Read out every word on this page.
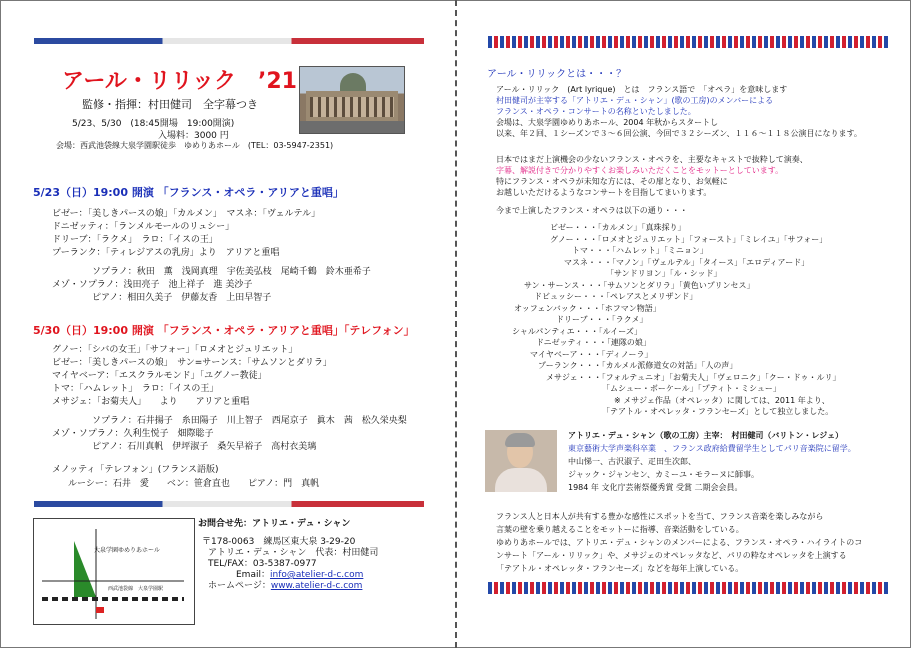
アール・リリック　’21
監修・指揮：村田健司　全字幕つき
5/23、5/30　(18:45開場　19:00開演)
入場料：3000 円
会場：西武池袋線大泉学園駅徒歩　ゆめりあホール　(TEL：03-5947-2351)
5/23（日）19:00 開演 「フランス・オペラ・アリアと重唱」
ビゼー：「美しきパースの娘」「カルメン」　マスネ：「ヴェルテル」
ドニゼッティ：「ランメルモールのリュシー」
ドリーブ：「ラクメ」　ラロ：「イスの王」
プーランク：「ティレジアスの乳房」より　アリアと重唱
ソプラノ：秋田　薫　浅岡真理　宇佐美弘枝　尾崎千鶴　鈴木亜希子
メゾ・ソプラノ：浅田亮子　池上祥子　進 美沙子
ピアノ：相田久美子　伊藤友香　上田早智子
5/30（日）19:00 開演 「フランス・オペラ・アリアと重唱」「テレフォン」
グノー：「シバの女王」「サフォー」「ロメオとジュリエット」
ビゼー：「美しきパースの娘」　サン=サーンス：「サムソンとダリラ」
マイヤベーア：「エスクラルモンド」「ユグノー教徒」
トマ：「ハムレット」　ラロ：「イスの王」
メサジェ：「お菊夫人」　　より　　アリアと重唱
ソプラノ：石井揚子　糸田陽子　川上智子　西尾京子　眞木　茜　松久栄央梨
メゾ・ソプラノ：久利生悦子　畑際聡子
ピアノ：石川真帆　伊坪淑子　桑矢早裕子　高村衣美璃
メノッティ「テレフォン」(フランス語版)
ルーシー：石井　愛　　ベン：笹倉直也　　ピアノ：門　真帆
大泉学園ゆめりあホール
西武池袋線　大泉学園駅
お問合せ先：アトリエ・デュ・シャン
〒178-0063　練馬区東大泉 3-29-20
アトリエ・デュ・シャン　代表：村田健司
TEL/FAX：03-5387-0977
Email：info@atelier-d-c.com
ホームページ：www.atelier-d-c.com
アール・リリックとは・・・？
アール・リリック　(Art lyrique)　とは　フランス語で　「オペラ」を意味します
村田健司が主宰する「アトリエ・デュ・シャン」(歌の工房)のメンバーによる
フランス・オペラ・コンサートの名称といたしました。
会場は、大泉学園ゆめりあホール、2004 年秋からスタートし
以来、年２回、１シーズンで３～６回公演、今回で３２シーズン、１１６～１１８公演目になります。
日本ではまだ上演機会の少ないフランス・オペラを、主要なキャストで抜粋して演奏、
字幕、解説付きで分かりやすくお楽しみいただくことをモットーとしています。
特にフランス・オペラが未知な方には、その扉となり、お気軽に
お越しいただけるようなコンサートを目指してまいります。
今まで上演したフランス・オペラは以下の通り・・・
ビゼー・・・「カルメン」「真珠採り」
グノー・・・「ロメオとジュリエット」「フォースト」「ミレイユ」「サフォー」
トマ・・・「ハムレット」「ミニョン」
マスネ・・・「マノン」「ヴェルテル」「タイース」「エロディアード」
「サンドリヨン」「ル・シッド」
サン・サーンス・・・「サムソンとダリラ」「黄色いプリンセス」
ドビュッシー・・・「ペレアスとメリザンド」
オッフェンバック・・・「ホフマン物語」
ドリーブ・・・「ラクメ」
シャルパンティエ・・・「ルイーズ」
ドニゼッティ・・・「連隊の娘」
マイヤベーア・・・「ディノーラ」
プーランク・・・「カルメル派修道女の対話」「人の声」
メサジェ・・・「フォルテュニオ」「お菊夫人」「ヴェロニク」「クー・ドゥ・ルリ」
「ムシュー・ボーケール」「プティト・ミシュー」
※ メサジェ作品（オペレッタ）に関しては、2011 年より、
「テアトル・オペレッタ・フランセーズ」として独立しました。
アトリエ・デュ・シャン（歌の工房）主宰：　村田健司（バリトン・レジェ）
東京藝術大学声楽科卒業　、フランス政府給費留学生としてパリ音楽院に留学。
中山悌一、古沢淑子、疋田生次郎、
ジャック・ジャンセン、カミーユ・モラーヌに師事。
1984 年 文化庁芸術祭優秀賞 受賞 二期会会員。
フランス人と日本人が共有する豊かな感性にスポットを当て、フランス音楽を楽しみながら
言葉の壁を乗り越えることをモットーに指導、音楽活動をしている。
ゆめりあホールでは、アトリエ・デュ・シャンのメンバーによる、フランス・オペラ・ハイライトのコ
ンサート「アール・リリック」や、メサジェのオペレッタなど、パリの粋なオペレッタを上演する
「テアトル・オペレッタ・フランセーズ」などを毎年上演している。
